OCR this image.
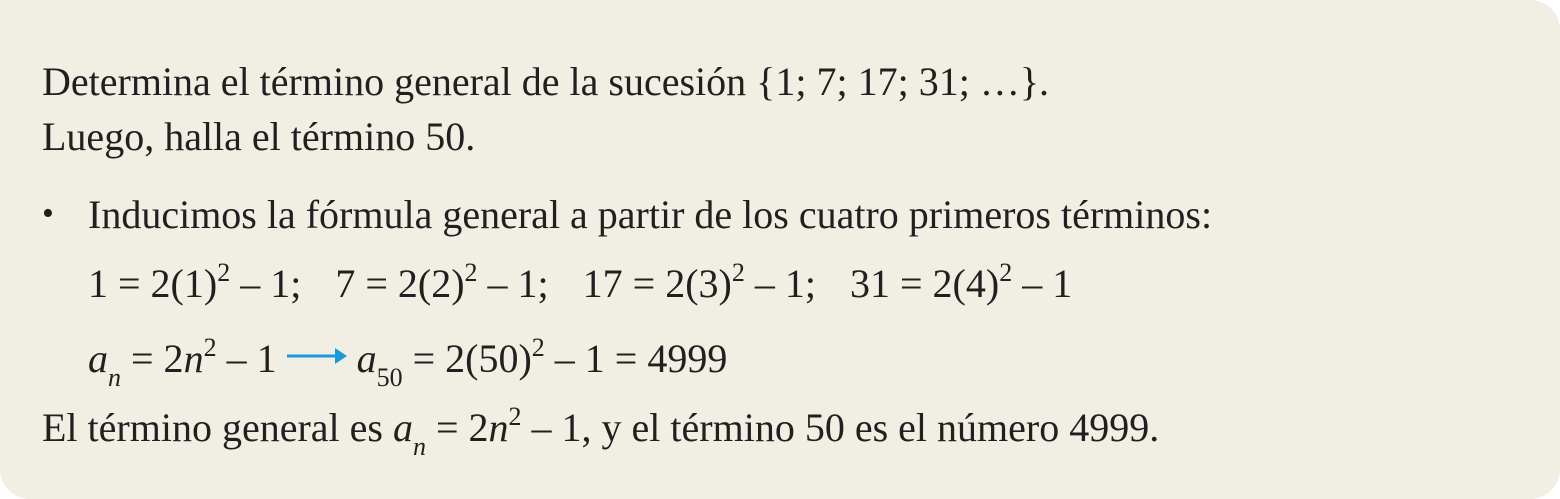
Determina el término general de la sucesión {1; 7; 17; 31; …}.
Luego, halla el término 50.
• Inducimos la fórmula general a partir de los cuatro primeros términos:
$1 = 2(1)^2 - 1$; $7 = 2(2)^2 - 1$; $17 = 2(3)^2 - 1$; $31 = 2(4)^2 - 1$
$a_n = 2n^2 - 1$ $a_{50} = 2(50)^2 - 1 = 4999$
El término general es $a_n = 2n^2 - 1$, y el término 50 es el número 4999.
